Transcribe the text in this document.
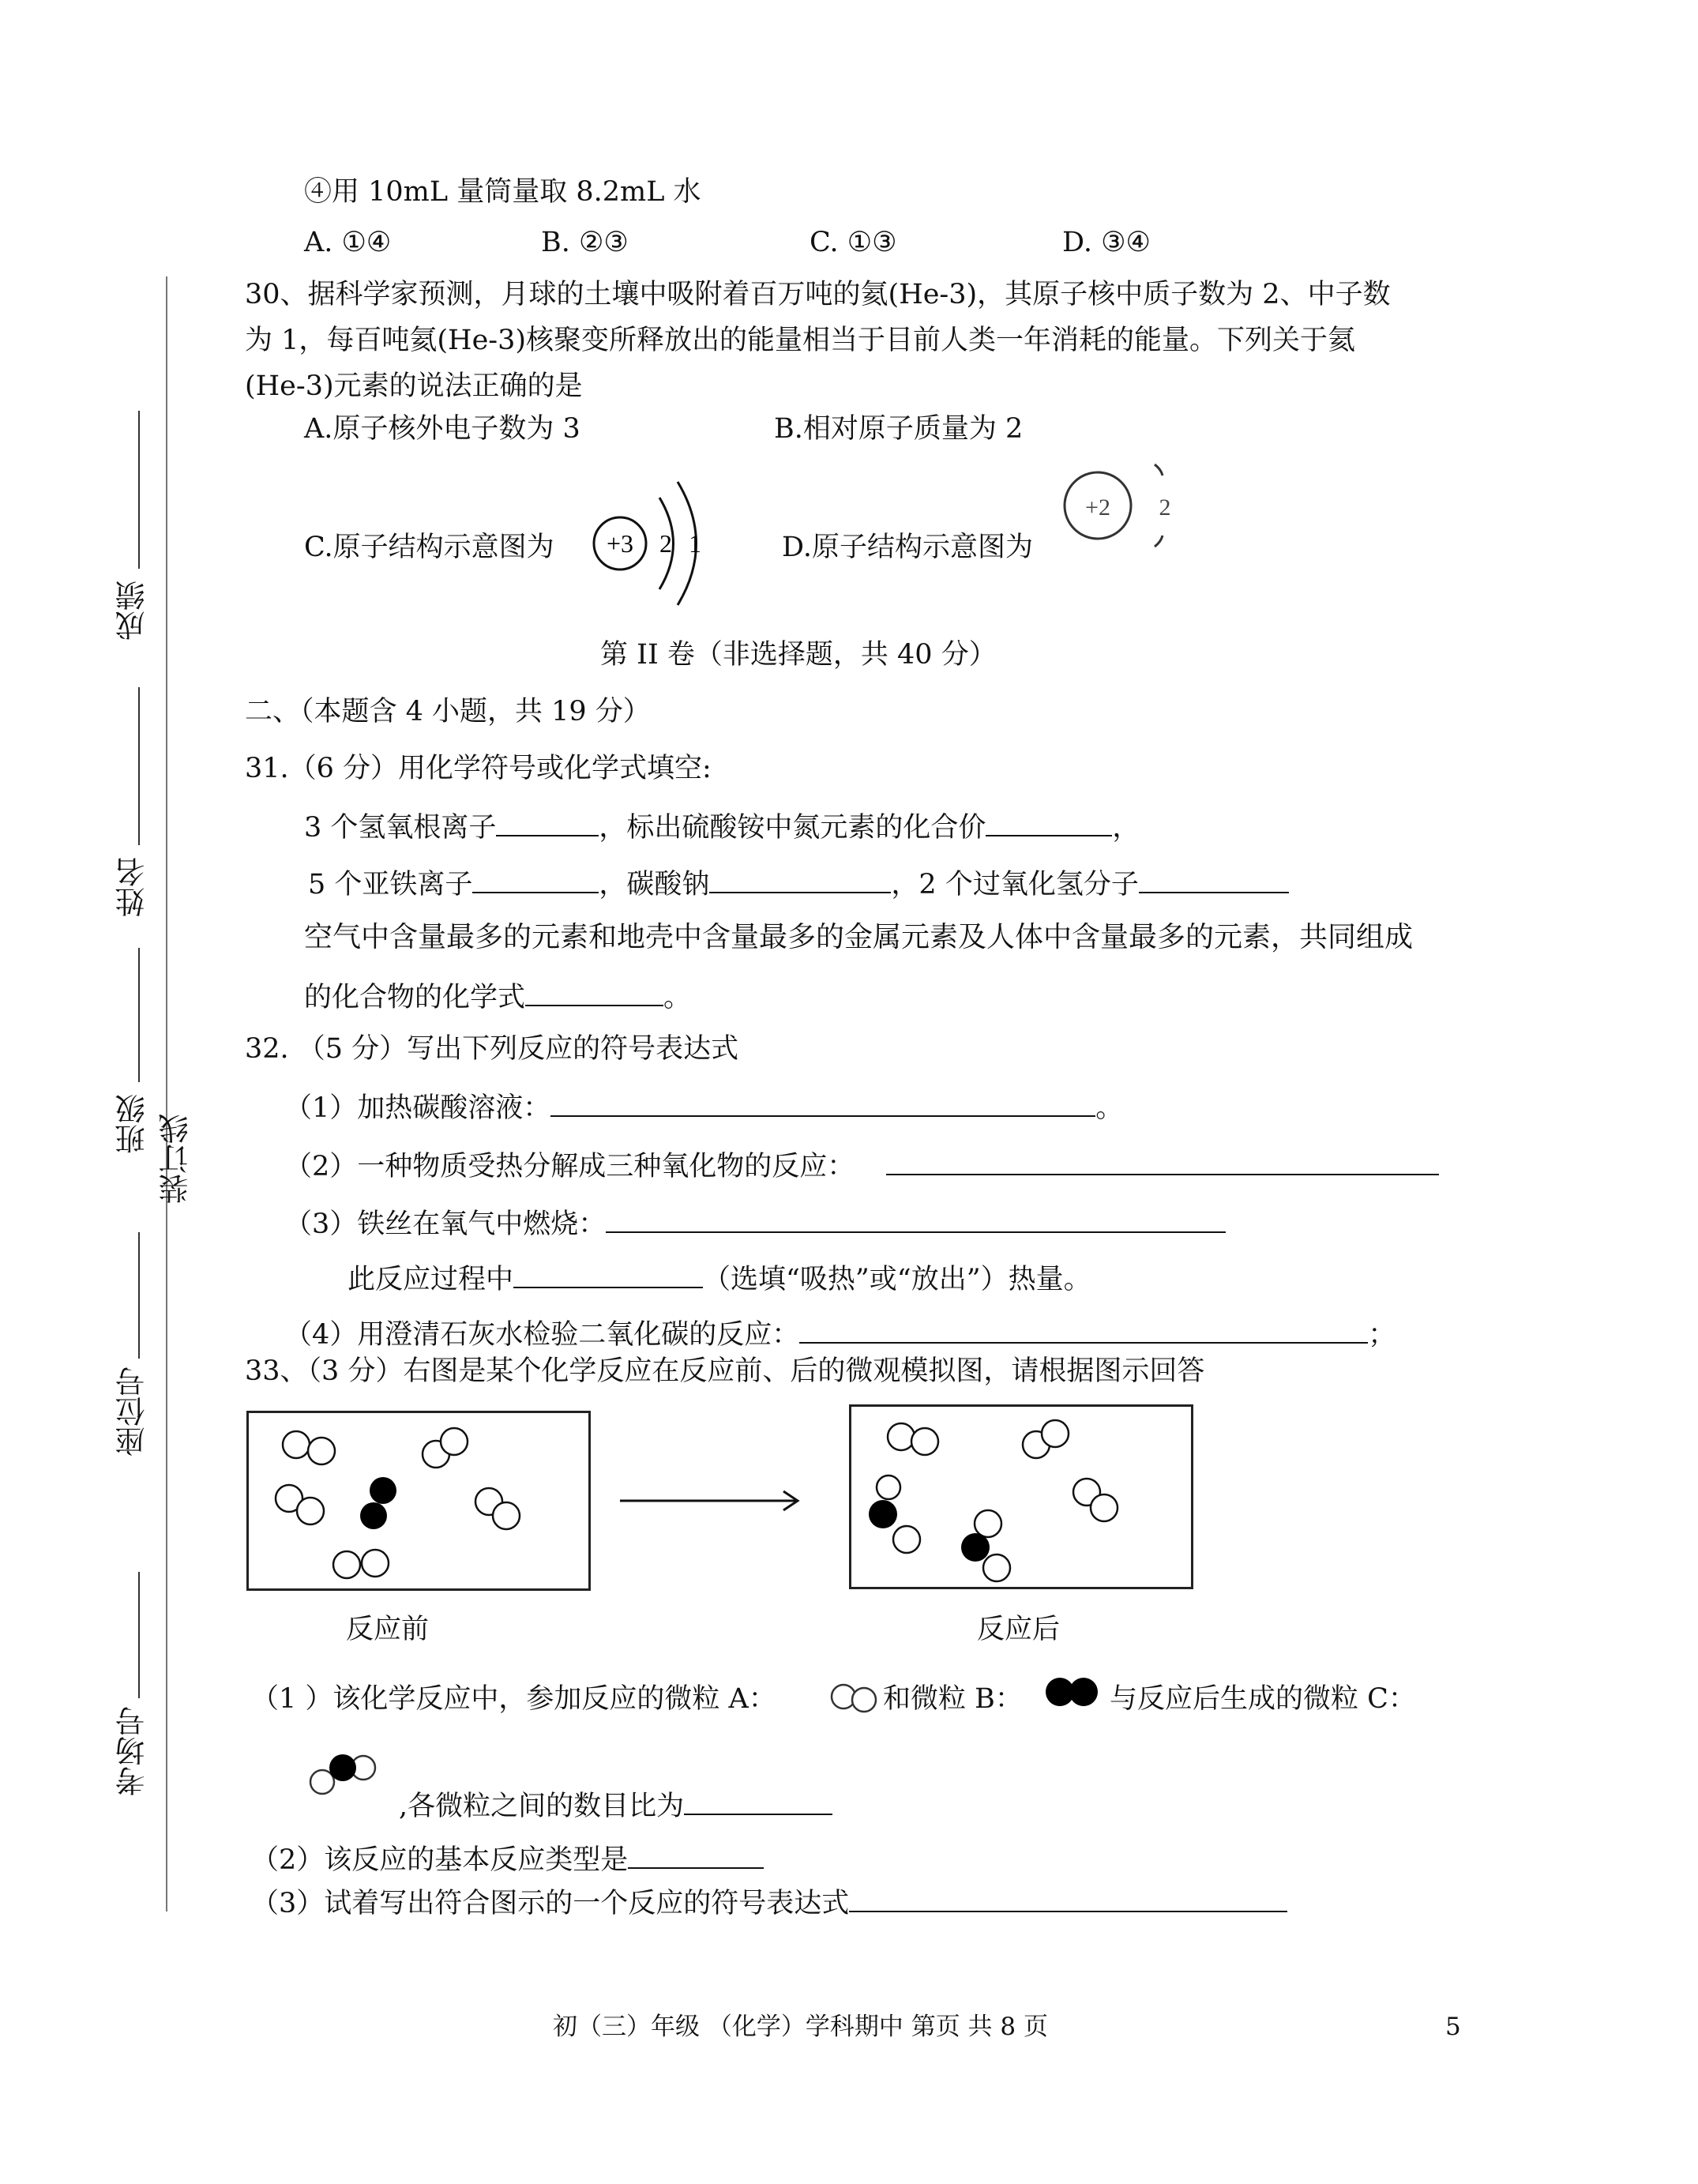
成绩
姓名
班级 装订线
座位号
考场号
④用 10mL 量筒量取 8.2mL 水
A. ①④	B. ②③	C. ①③	D. ③④
30、据科学家预测，月球的土壤中吸附着百万吨的氦(He-3)，其原子核中质子数为 2、中子数
为 1，每百吨氦(He-3)核聚变所释放出的能量相当于目前人类一年消耗的能量。下列关于氦
(He-3)元素的说法正确的是
A.原子核外电子数为 3	B.相对原子质量为 2
C.原子结构示意图为	D.原子结构示意图为
+3 2 1
+2 2
第 II 卷（非选择题，共 40 分）
二、（本题含 4 小题，共 19 分）
31.（6 分）用化学符号或化学式填空:
3 个氢氧根离子	，标出硫酸铵中氮元素的化合价	，
5 个亚铁离子	，碳酸钠	，2 个过氧化氢分子
空气中含量最多的元素和地壳中含量最多的金属元素及人体中含量最多的元素，共同组成
的化合物的化学式	。
32. （5 分）写出下列反应的符号表达式
（1）加热碳酸溶液：	。
（2）一种物质受热分解成三种氧化物的反应：
（3）铁丝在氧气中燃烧：
此反应过程中	（选填“吸热”或“放出”）热量。
（4）用澄清石灰水检验二氧化碳的反应：	；
33、（3 分）右图是某个化学反应在反应前、后的微观模拟图，请根据图示回答
反应前	反应后
（1 ）该化学反应中，参加反应的微粒 A：	和微粒 B：	与反应后生成的微粒 C：
,各微粒之间的数目比为
（2）该反应的基本反应类型是
（3）试着写出符合图示的一个反应的符号表达式
初（三）年级 （化学）学科期中 第页 共 8 页	5
